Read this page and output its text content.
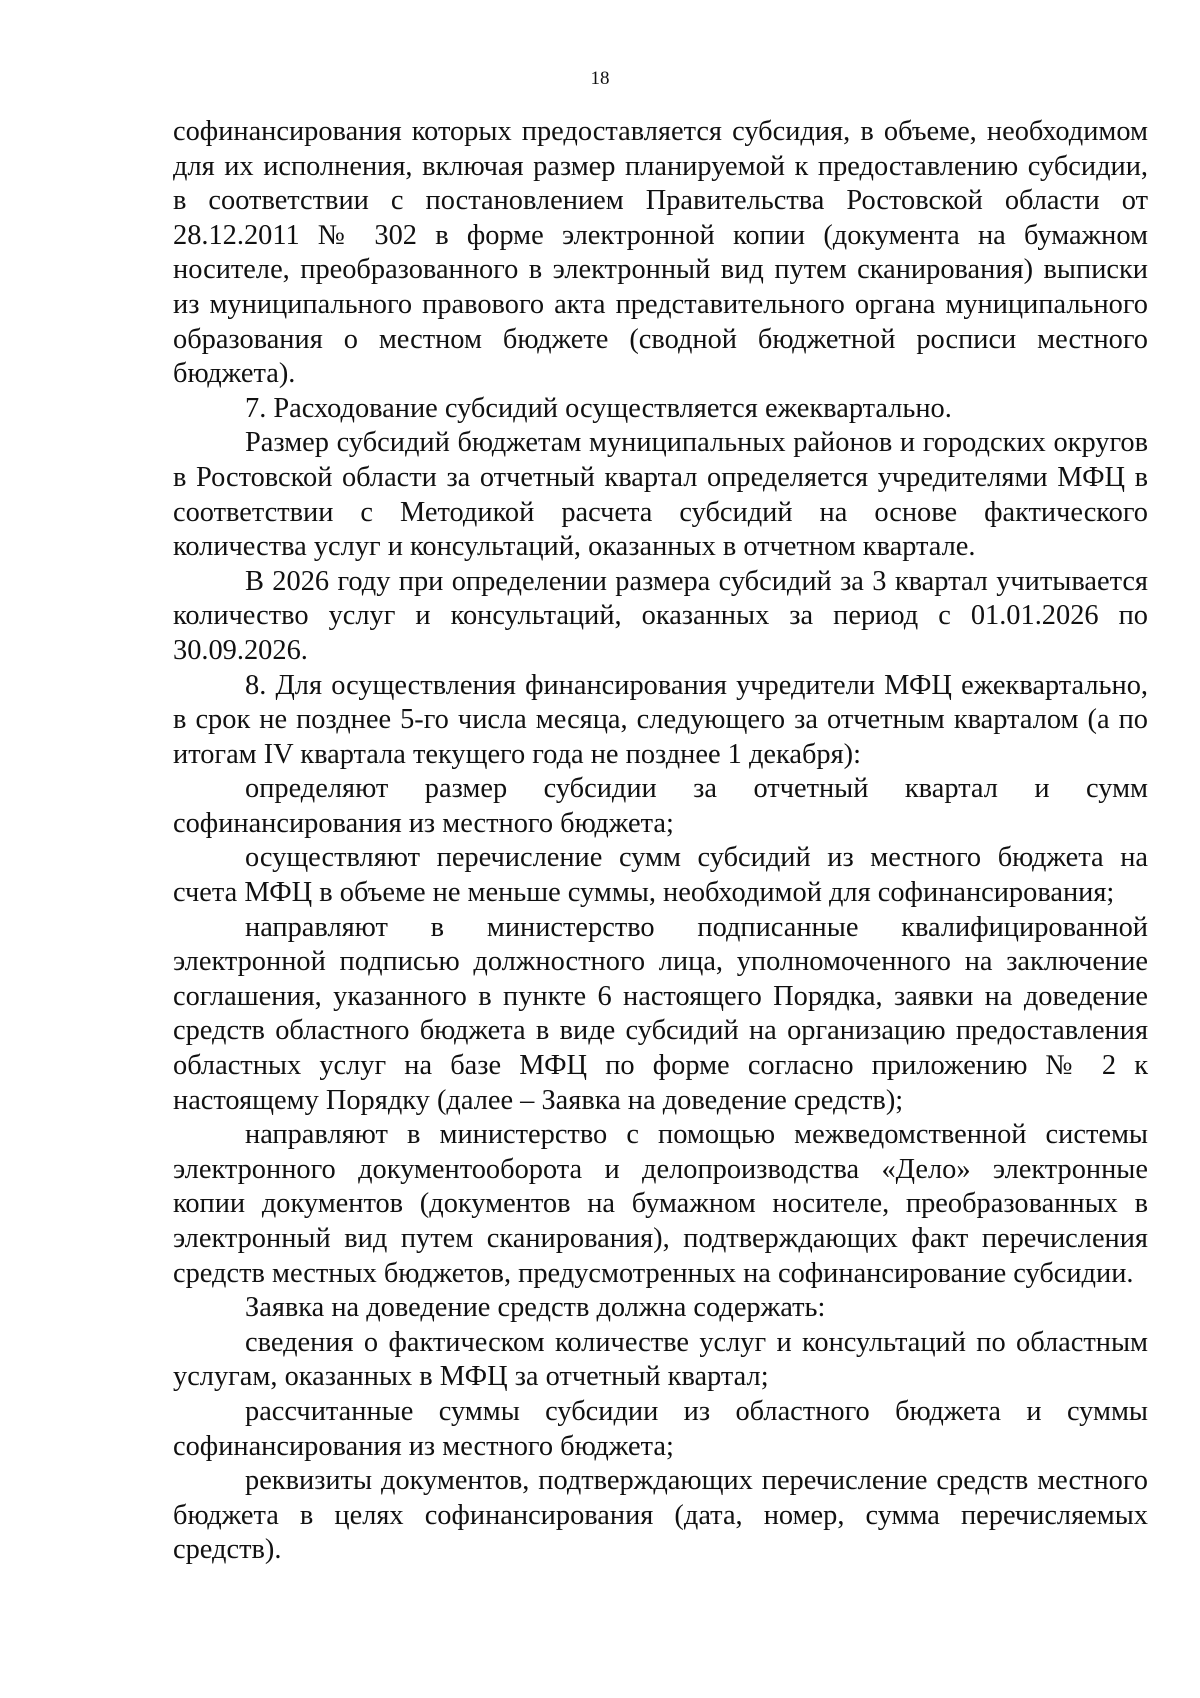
18

софинансирования которых предоставляется субсидия, в объеме, необходимом для их исполнения, включая размер планируемой к предоставлению субсидии, в соответствии с постановлением Правительства Ростовской области от 28.12.2011 № 302 в форме электронной копии (документа на бумажном носителе, преобразованного в электронный вид путем сканирования) выписки из муниципального правового акта представительного органа муниципального образования о местном бюджете (сводной бюджетной росписи местного бюджета).

7. Расходование субсидий осуществляется ежеквартально.

Размер субсидий бюджетам муниципальных районов и городских округов в Ростовской области за отчетный квартал определяется учредителями МФЦ в соответствии с Методикой расчета субсидий на основе фактического количества услуг и консультаций, оказанных в отчетном квартале.

В 2026 году при определении размера субсидий за 3 квартал учитывается количество услуг и консультаций, оказанных за период с 01.01.2026 по 30.09.2026.

8. Для осуществления финансирования учредители МФЦ ежеквартально, в срок не позднее 5-го числа месяца, следующего за отчетным кварталом (а по итогам IV квартала текущего года не позднее 1 декабря):

определяют размер субсидии за отчетный квартал и сумм софинансирования из местного бюджета;

осуществляют перечисление сумм субсидий из местного бюджета на счета МФЦ в объеме не меньше суммы, необходимой для софинансирования;

направляют в министерство подписанные квалифицированной электронной подписью должностного лица, уполномоченного на заключение соглашения, указанного в пункте 6 настоящего Порядка, заявки на доведение средств областного бюджета в виде субсидий на организацию предоставления областных услуг на базе МФЦ по форме согласно приложению № 2 к настоящему Порядку (далее – Заявка на доведение средств);

направляют в министерство с помощью межведомственной системы электронного документооборота и делопроизводства «Дело» электронные копии документов (документов на бумажном носителе, преобразованных в электронный вид путем сканирования), подтверждающих факт перечисления средств местных бюджетов, предусмотренных на софинансирование субсидии.

Заявка на доведение средств должна содержать:

сведения о фактическом количестве услуг и консультаций по областным услугам, оказанных в МФЦ за отчетный квартал;

рассчитанные суммы субсидии из областного бюджета и суммы софинансирования из местного бюджета;

реквизиты документов, подтверждающих перечисление средств местного бюджета в целях софинансирования (дата, номер, сумма перечисляемых средств).
